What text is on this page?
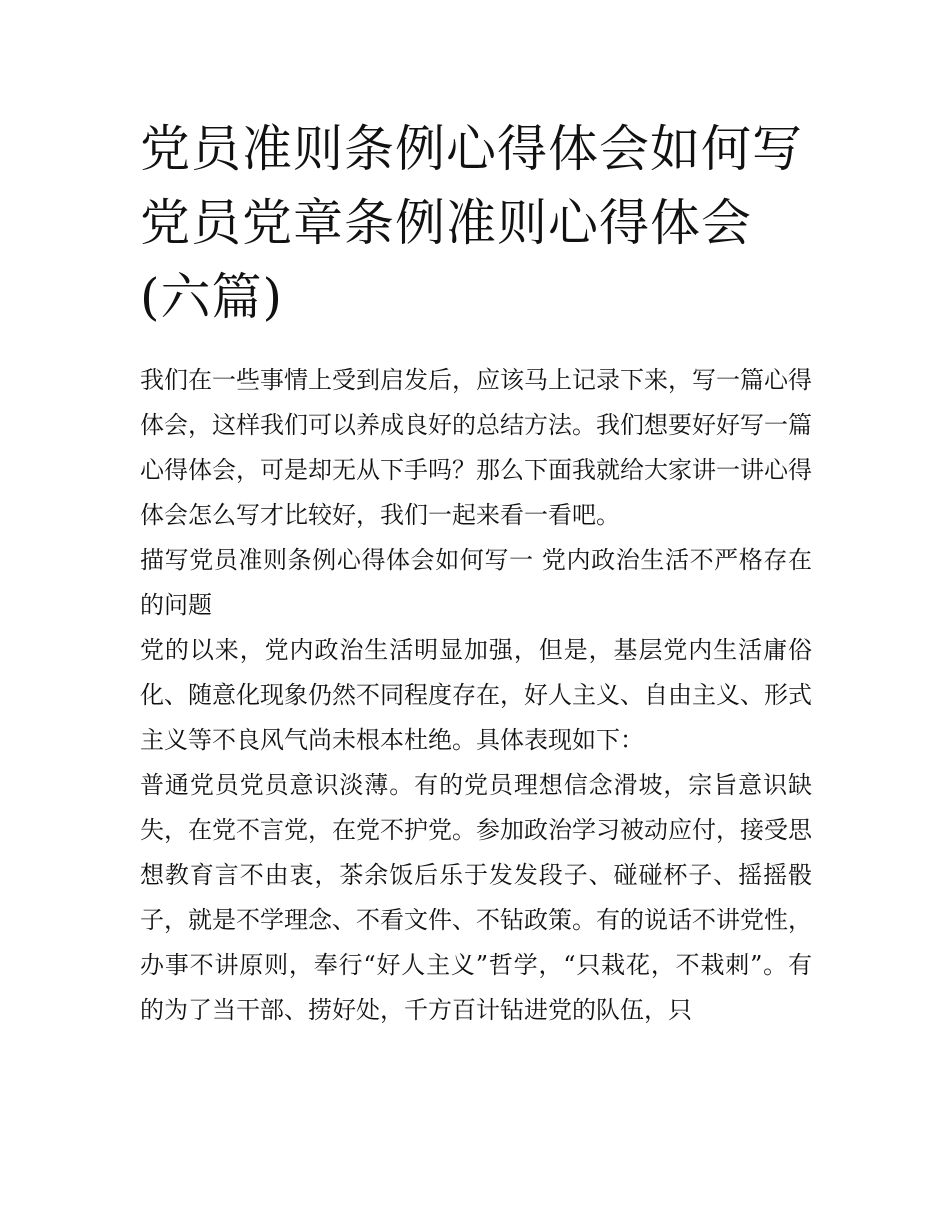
党员准则条例心得体会如何写党员党章条例准则心得体会(六篇)

我们在一些事情上受到启发后，应该马上记录下来，写一篇心得体会，这样我们可以养成良好的总结方法。我们想要好好写一篇心得体会，可是却无从下手吗？那么下面我就给大家讲一讲心得体会怎么写才比较好，我们一起来看一看吧。

描写党员准则条例心得体会如何写一 党内政治生活不严格存在的问题

党的以来，党内政治生活明显加强，但是，基层党内生活庸俗化、随意化现象仍然不同程度存在，好人主义、自由主义、形式主义等不良风气尚未根本杜绝。具体表现如下：

普通党员党员意识淡薄。有的党员理想信念滑坡，宗旨意识缺失，在党不言党，在党不护党。参加政治学习被动应付，接受思想教育言不由衷，茶余饭后乐于发发段子、碰碰杯子、摇摇骰子，就是不学理念、不看文件、不钻政策。有的说话不讲党性，办事不讲原则，奉行“好人主义”哲学，“只栽花，不栽刺”。有的为了当干部、捞好处，千方百计钻进党的队伍，只
